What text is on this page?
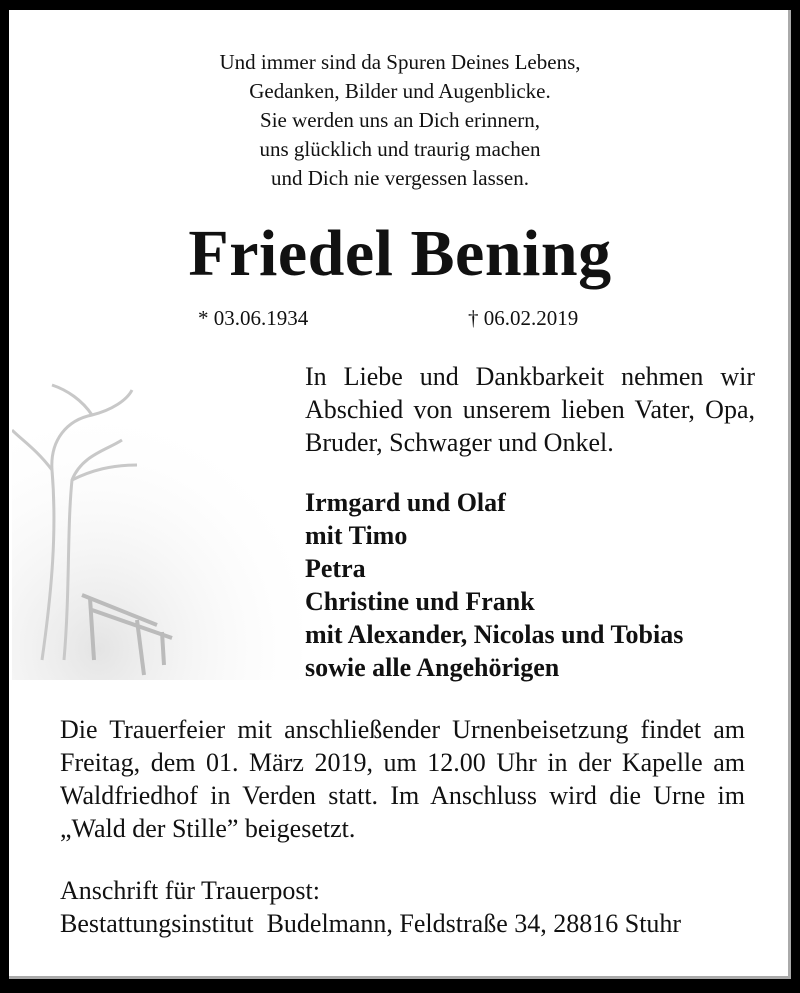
Und immer sind da Spuren Deines Lebens,
Gedanken, Bilder und Augenblicke.
Sie werden uns an Dich erinnern,
uns glücklich und traurig machen
und Dich nie vergessen lassen.
Friedel Bening
* 03.06.1934	† 06.02.2019
In Liebe und Dankbarkeit nehmen wir Abschied von unserem lieben Vater, Opa, Bruder, Schwager und Onkel.
Irmgard und Olaf
mit Timo
Petra
Christine und Frank
mit Alexander, Nicolas und Tobias
sowie alle Angehörigen
Die Trauerfeier mit anschließender Urnenbeisetzung findet am Freitag, dem 01. März 2019, um 12.00 Uhr in der Kapelle am Waldfriedhof in Verden statt. Im Anschluss wird die Urne im „Wald der Stille” beigesetzt.
Anschrift für Trauerpost:
Bestattungsinstitut  Budelmann, Feldstraße 34, 28816 Stuhr
